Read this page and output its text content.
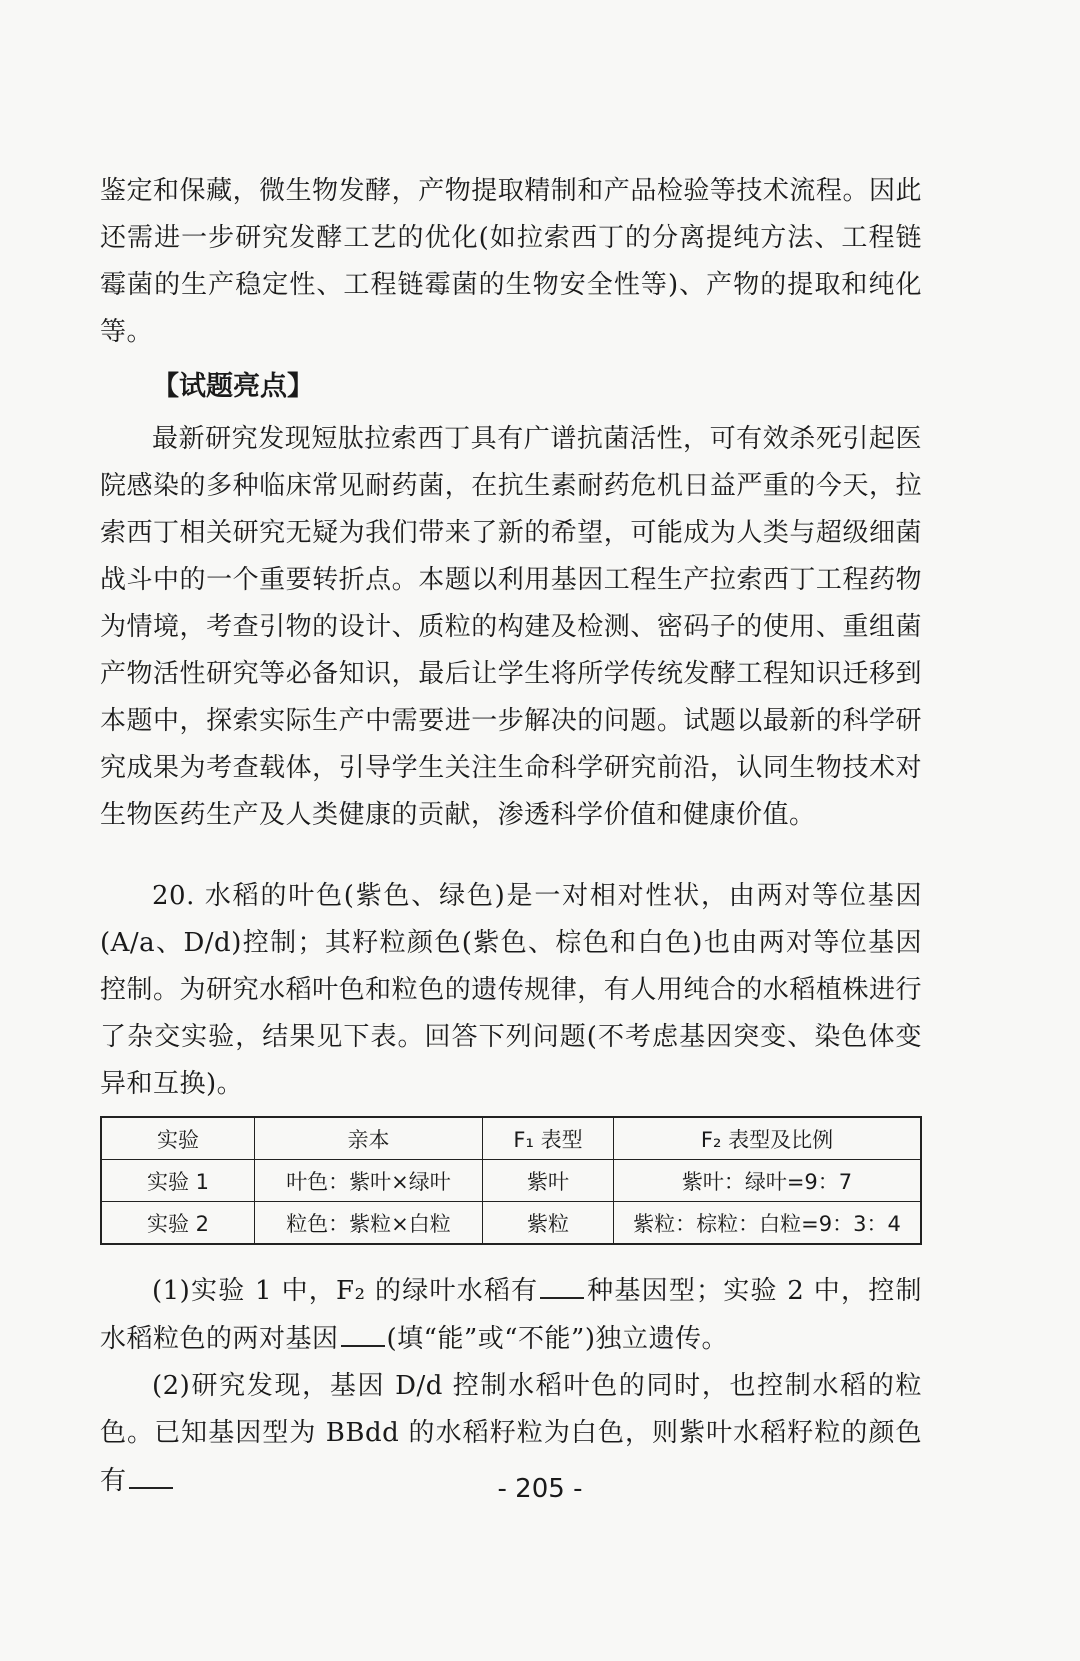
鉴定和保藏，微生物发酵，产物提取精制和产品检验等技术流程。因此还需进一步研究发酵工艺的优化(如拉索西丁的分离提纯方法、工程链霉菌的生产稳定性、工程链霉菌的生物安全性等)、产物的提取和纯化等。

【试题亮点】

最新研究发现短肽拉索西丁具有广谱抗菌活性，可有效杀死引起医院感染的多种临床常见耐药菌，在抗生素耐药危机日益严重的今天，拉索西丁相关研究无疑为我们带来了新的希望，可能成为人类与超级细菌战斗中的一个重要转折点。本题以利用基因工程生产拉索西丁工程药物为情境，考查引物的设计、质粒的构建及检测、密码子的使用、重组菌产物活性研究等必备知识，最后让学生将所学传统发酵工程知识迁移到本题中，探索实际生产中需要进一步解决的问题。试题以最新的科学研究成果为考查载体，引导学生关注生命科学研究前沿，认同生物技术对生物医药生产及人类健康的贡献，渗透科学价值和健康价值。

20. 水稻的叶色(紫色、绿色)是一对相对性状，由两对等位基因(A/a、D/d)控制；其籽粒颜色(紫色、棕色和白色)也由两对等位基因控制。为研究水稻叶色和粒色的遗传规律，有人用纯合的水稻植株进行了杂交实验，结果见下表。回答下列问题(不考虑基因突变、染色体变异和互换)。

实验	亲本	F₁ 表型	F₂ 表型及比例
实验 1	叶色：紫叶×绿叶	紫叶	紫叶：绿叶=9：7
实验 2	粒色：紫粒×白粒	紫粒	紫粒：棕粒：白粒=9：3：4

(1)实验 1 中，F₂ 的绿叶水稻有 种基因型；实验 2 中，控制水稻粒色的两对基因 (填“能”或“不能”)独立遗传。

(2)研究发现，基因 D/d 控制水稻叶色的同时，也控制水稻的粒色。已知基因型为 BBdd 的水稻籽粒为白色，则紫叶水稻籽粒的颜色有	- 205 -
